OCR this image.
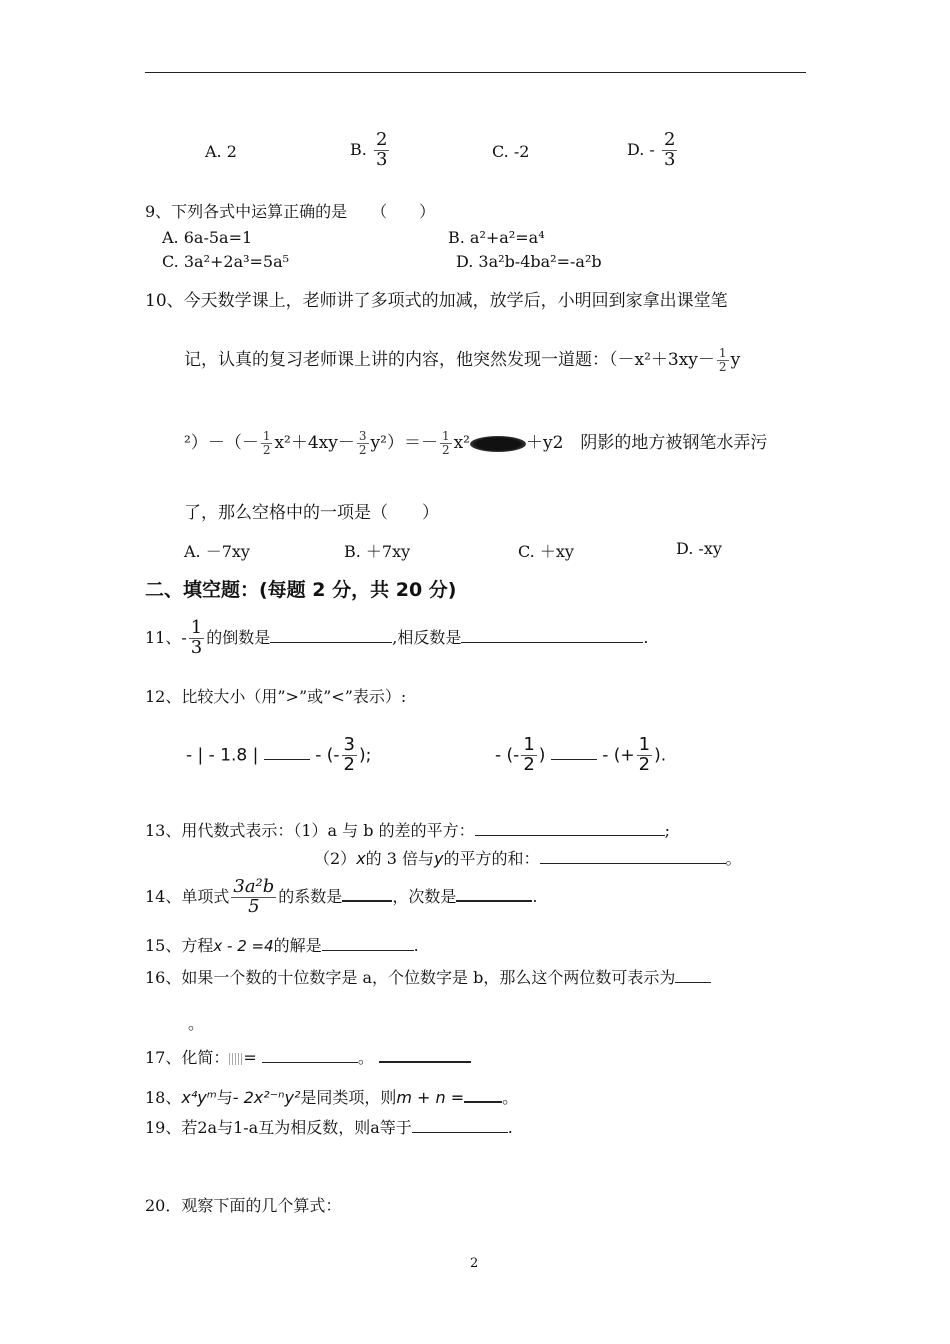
A. 2	B. $\frac{2}{3}$	C. -2	D. - $\frac{2}{3}$
9、下列各式中运算正确的是　　（　　）
A. 6a-5a=1	B. a²+a²=a⁴
C. 3a²+2a³=5a⁵	D. 3a²b-4ba²=-a²b
10、今天数学课上，老师讲了多项式的加减，放学后，小明回到家拿出课堂笔
记，认真的复习老师课上讲的内容，他突然发现一道题：（$-x^2+3xy- \frac{1}{2}$ y
$^2)-(- \frac{1}{2} x^2+4xy- \frac{3}{2} y^2)=- \frac{1}{2} x^2$	＋y2　阴影的地方被钢笔水弄污
了，那么空格中的一项是（　　）
A. －7xy	B. ＋7xy	C. ＋xy	D. -xy
二、填空题：(每题 2 分，共 20 分)
11、- $\frac{1}{3}$ 的倒数是	,相反数是	.
12、比较大小（用”>”或”<”表示）:
- | - 1.8 |	- (- $\frac{3}{2}$ );	- (- $\frac{1}{2}$ )	- (+ $\frac{1}{2}$ ).
13、用代数式表示：（1）a 与 b 的差的平方：	;
（2）x的 3 倍与y的平方的和：	。
14、单项式 $\frac{\text{3a²b}}{5}$ 的系数是	，次数是	.
15、方程x - 2 =4的解是	.
16、如果一个数的十位数字是 a，个位数字是 b，那么这个两位数可表示为
。
17、化简： =	。
18、x⁴yᵐ与- 2x²⁻ⁿy²是同类项，则m + n = 。
19、若2a与1-a互为相反数，则a等于	.
20．观察下面的几个算式：
2
